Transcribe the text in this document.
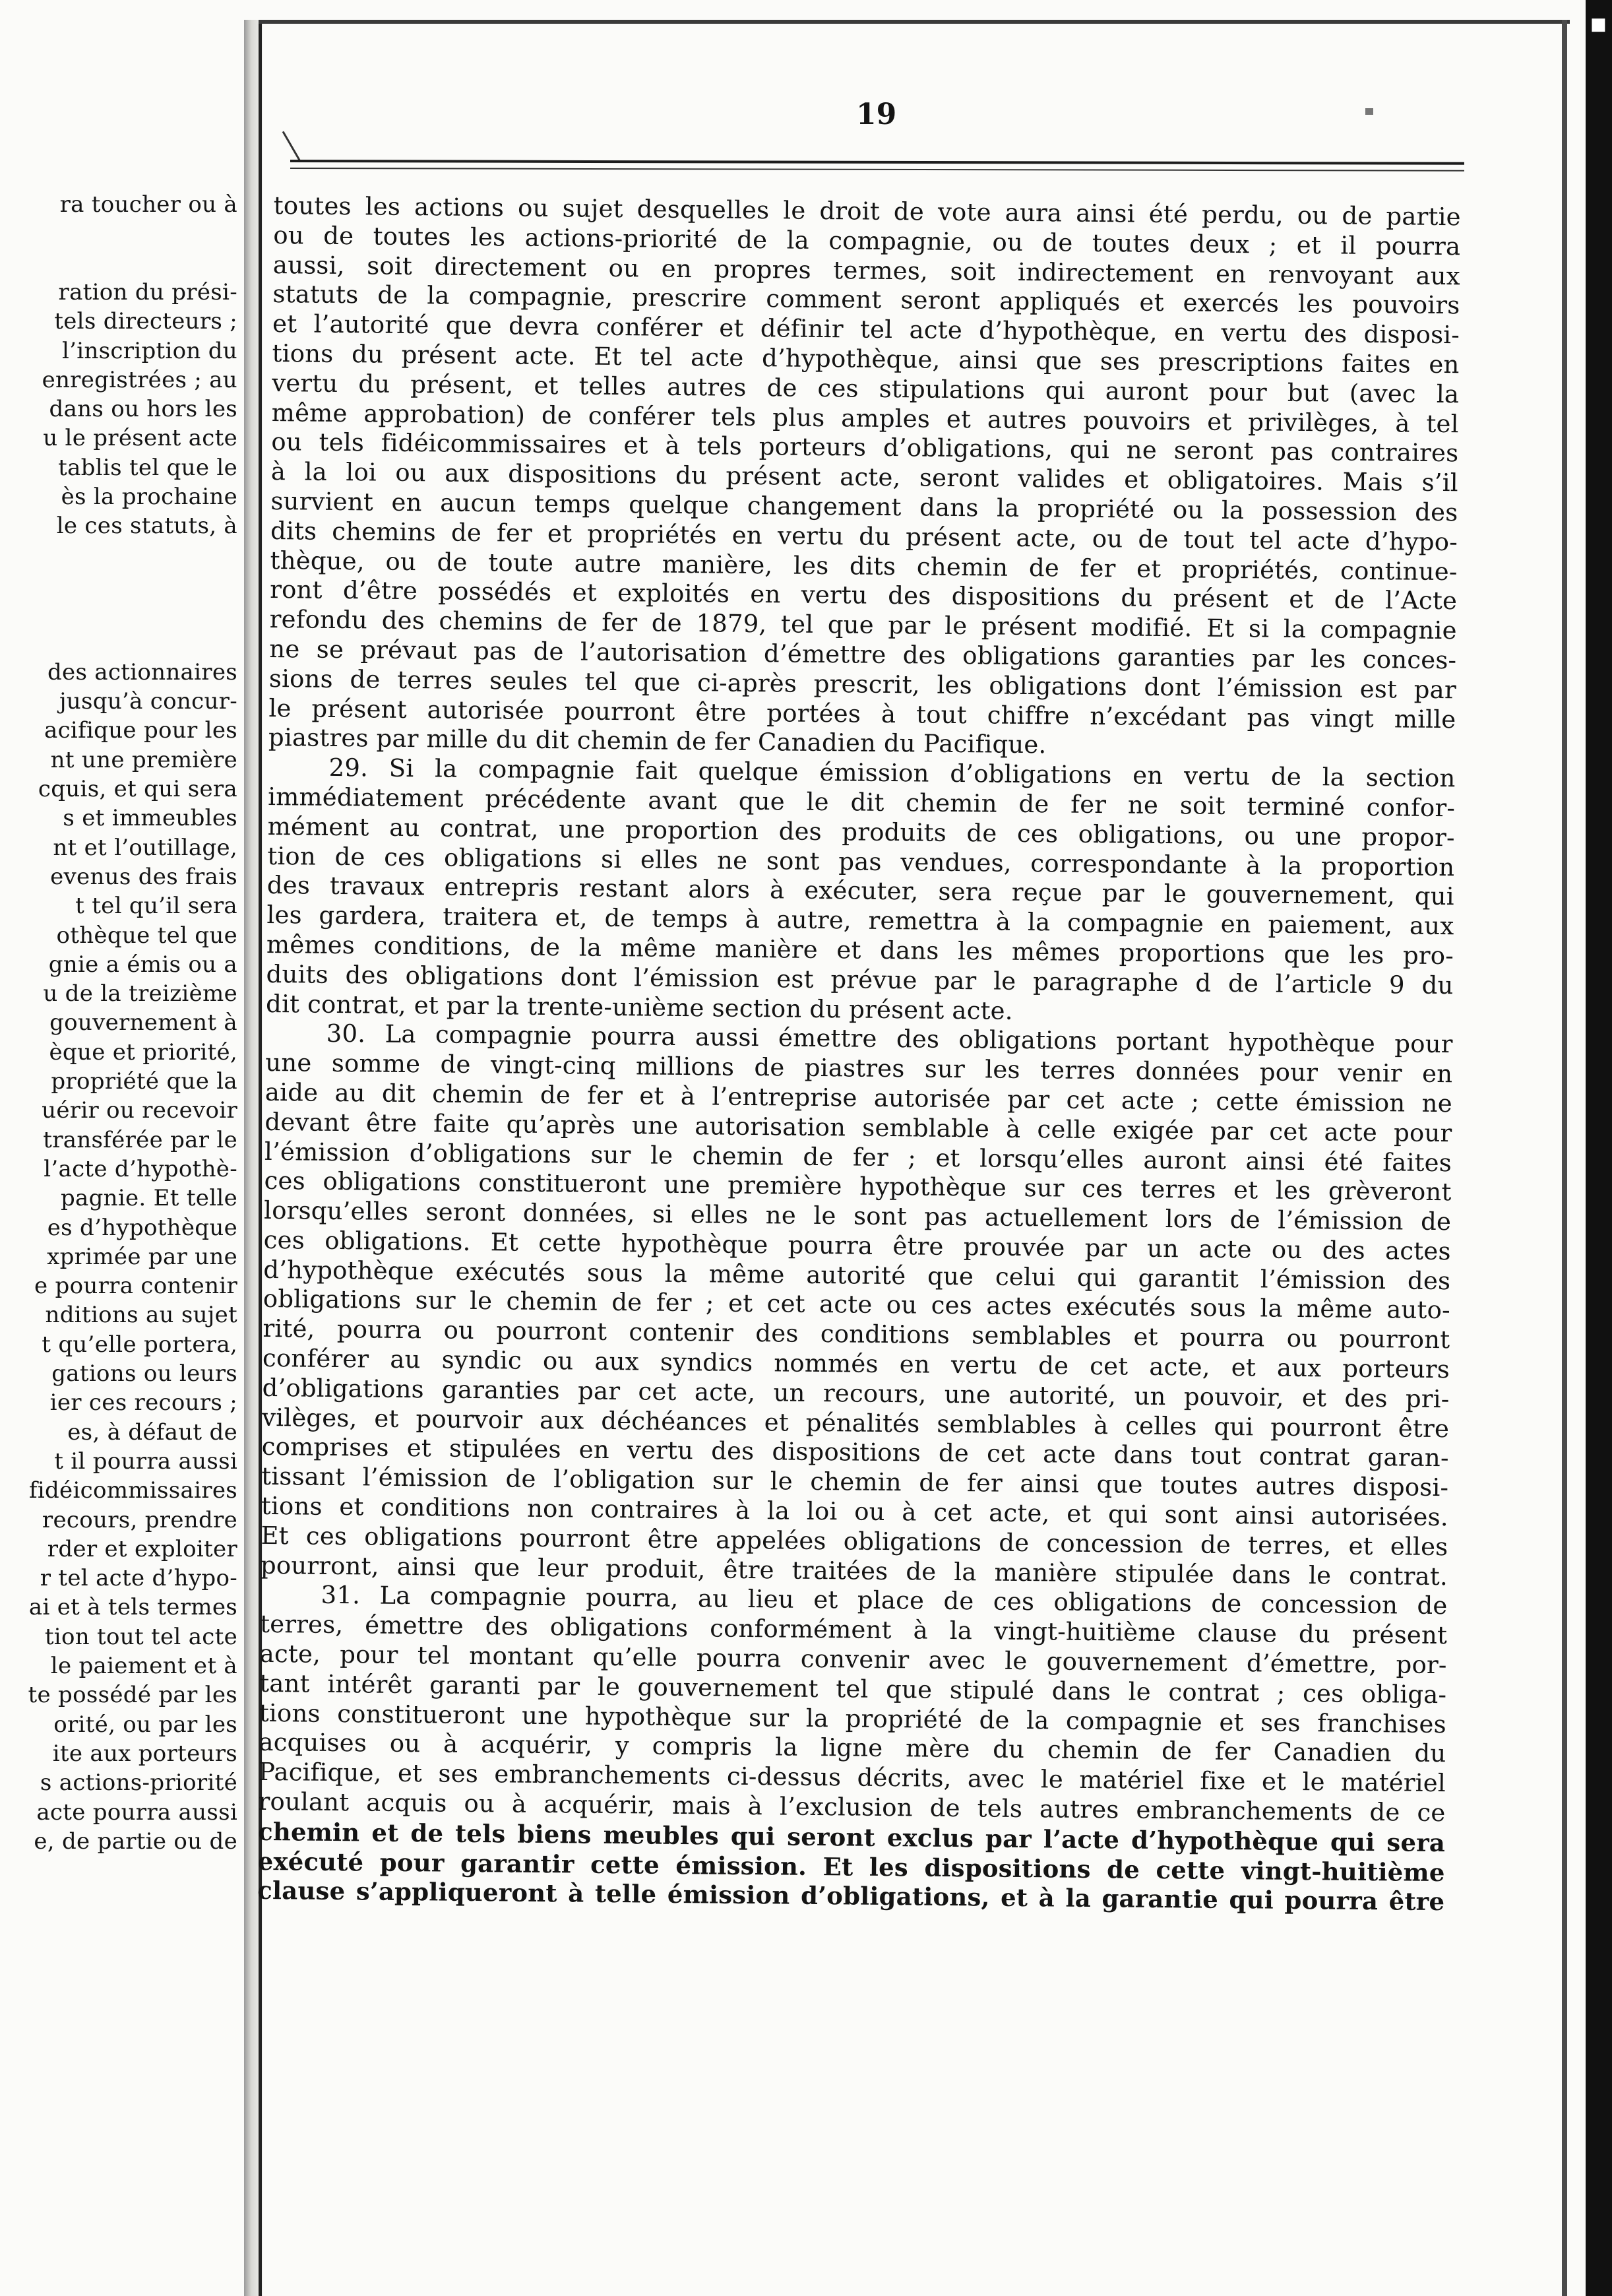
■
ra toucher ou à
ration du prési-
tels directeurs ;
l’inscription du
enregistrées ; au
dans ou hors les
u le présent acte
tablis tel que le
ès la prochaine
le ces statuts, à
des actionnaires
jusqu’à concur-
acifique pour les
nt une première
cquis, et qui sera
s et immeubles
nt et l’outillage,
evenus des frais
t tel qu’il sera
othèque tel que
gnie a émis ou a
u de la treizième
gouvernement à
èque et priorité,
propriété que la
uérir ou recevoir
transférée par le
l’acte d’hypothè-
pagnie. Et telle
es d’hypothèque
xprimée par une
e pourra contenir
nditions au sujet
t qu’elle portera,
gations ou leurs
ier ces recours ;
es, à défaut de
t il pourra aussi
fidéicommissaires
recours, prendre
rder et exploiter
r tel acte d’hypo-
ai et à tels termes
tion tout tel acte
le paiement et à
te possédé par les
orité, ou par les
ite aux porteurs
s actions-priorité
acte pourra aussi
e, de partie ou de
19
toutes les actions ou sujet desquelles le droit de vote aura ainsi été perdu, ou de partie
ou de toutes les actions-priorité de la compagnie, ou de toutes deux ; et il pourra
aussi, soit directement ou en propres termes, soit indirectement en renvoyant aux
statuts de la compagnie, prescrire comment seront appliqués et exercés les pouvoirs
et l’autorité que devra conférer et définir tel acte d’hypothèque, en vertu des disposi-
tions du présent acte. Et tel acte d’hypothèque, ainsi que ses prescriptions faites en
vertu du présent, et telles autres de ces stipulations qui auront pour but (avec la
même approbation) de conférer tels plus amples et autres pouvoirs et privilèges, à tel
ou tels fidéicommissaires et à tels porteurs d’obligations, qui ne seront pas contraires
à la loi ou aux dispositions du présent acte, seront valides et obligatoires. Mais s’il
survient en aucun temps quelque changement dans la propriété ou la possession des
dits chemins de fer et propriétés en vertu du présent acte, ou de tout tel acte d’hypo-
thèque, ou de toute autre manière, les dits chemin de fer et propriétés, continue-
ront d’être possédés et exploités en vertu des dispositions du présent et de l’Acte
refondu des chemins de fer de 1879, tel que par le présent modifié. Et si la compagnie
ne se prévaut pas de l’autorisation d’émettre des obligations garanties par les conces-
sions de terres seules tel que ci-après prescrit, les obligations dont l’émission est par
le présent autorisée pourront être portées à tout chiffre n’excédant pas vingt mille
piastres par mille du dit chemin de fer Canadien du Pacifique.
29. Si la compagnie fait quelque émission d’obligations en vertu de la section
immédiatement précédente avant que le dit chemin de fer ne soit terminé confor-
mément au contrat, une proportion des produits de ces obligations, ou une propor-
tion de ces obligations si elles ne sont pas vendues, correspondante à la proportion
des travaux entrepris restant alors à exécuter, sera reçue par le gouvernement, qui
les gardera, traitera et, de temps à autre, remettra à la compagnie en paiement, aux
mêmes conditions, de la même manière et dans les mêmes proportions que les pro-
duits des obligations dont l’émission est prévue par le paragraphe d de l’article 9 du
dit contrat, et par la trente-unième section du présent acte.
30. La compagnie pourra aussi émettre des obligations portant hypothèque pour
une somme de vingt-cinq millions de piastres sur les terres données pour venir en
aide au dit chemin de fer et à l’entreprise autorisée par cet acte ; cette émission ne
devant être faite qu’après une autorisation semblable à celle exigée par cet acte pour
l’émission d’obligations sur le chemin de fer ; et lorsqu’elles auront ainsi été faites
ces obligations constitueront une première hypothèque sur ces terres et les grèveront
lorsqu’elles seront données, si elles ne le sont pas actuellement lors de l’émission de
ces obligations. Et cette hypothèque pourra être prouvée par un acte ou des actes
d’hypothèque exécutés sous la même autorité que celui qui garantit l’émission des
obligations sur le chemin de fer ; et cet acte ou ces actes exécutés sous la même auto-
rité, pourra ou pourront contenir des conditions semblables et pourra ou pourront
conférer au syndic ou aux syndics nommés en vertu de cet acte, et aux porteurs
d’obligations garanties par cet acte, un recours, une autorité, un pouvoir, et des pri-
vilèges, et pourvoir aux déchéances et pénalités semblables à celles qui pourront être
comprises et stipulées en vertu des dispositions de cet acte dans tout contrat garan-
tissant l’émission de l’obligation sur le chemin de fer ainsi que toutes autres disposi-
tions et conditions non contraires à la loi ou à cet acte, et qui sont ainsi autorisées.
Et ces obligations pourront être appelées obligations de concession de terres, et elles
pourront, ainsi que leur produit, être traitées de la manière stipulée dans le contrat.
31. La compagnie pourra, au lieu et place de ces obligations de concession de
terres, émettre des obligations conformément à la vingt-huitième clause du présent
acte, pour tel montant qu’elle pourra convenir avec le gouvernement d’émettre, por-
tant intérêt garanti par le gouvernement tel que stipulé dans le contrat ; ces obliga-
tions constitueront une hypothèque sur la propriété de la compagnie et ses franchises
acquises ou à acquérir, y compris la ligne mère du chemin de fer Canadien du
Pacifique, et ses embranchements ci-dessus décrits, avec le matériel fixe et le matériel
roulant acquis ou à acquérir, mais à l’exclusion de tels autres embranchements de ce
chemin et de tels biens meubles qui seront exclus par l’acte d’hypothèque qui sera
exécuté pour garantir cette émission. Et les dispositions de cette vingt-huitième
clause s’appliqueront à telle émission d’obligations, et à la garantie qui pourra être
